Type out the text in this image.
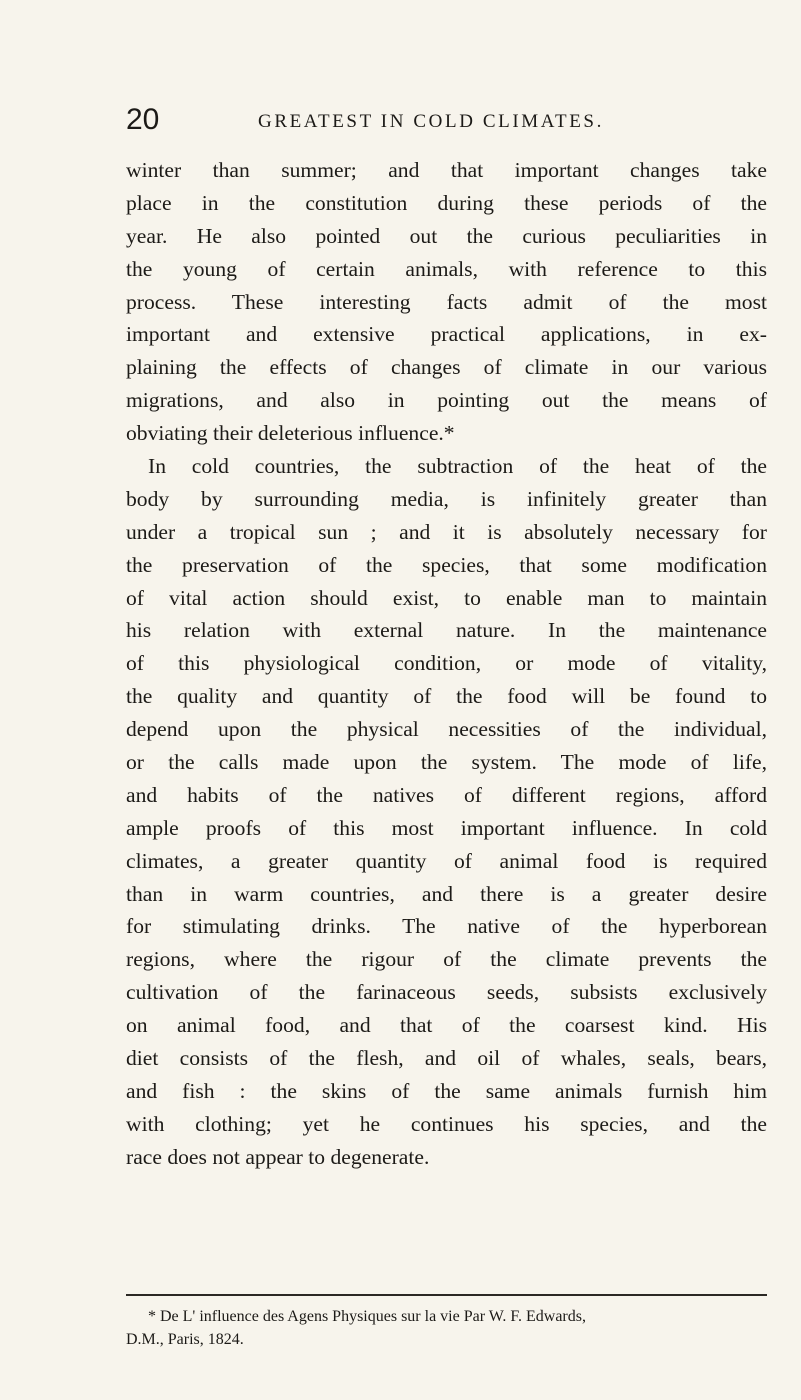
20	GREATEST IN COLD CLIMATES.
winter than summer; and that important changes take
place in the constitution during these periods of the
year. He also pointed out the curious peculiarities in
the young of certain animals, with reference to this
process. These interesting facts admit of the most
important and extensive practical applications, in ex-
plaining the effects of changes of climate in our various
migrations, and also in pointing out the means of
obviating their deleterious influence.*
In cold countries, the subtraction of the heat of the
body by surrounding media, is infinitely greater than
under a tropical sun ; and it is absolutely necessary for
the preservation of the species, that some modification
of vital action should exist, to enable man to maintain
his relation with external nature. In the maintenance
of this physiological condition, or mode of vitality,
the quality and quantity of the food will be found to
depend upon the physical necessities of the individual,
or the calls made upon the system. The mode of life,
and habits of the natives of different regions, afford
ample proofs of this most important influence. In cold
climates, a greater quantity of animal food is required
than in warm countries, and there is a greater desire
for stimulating drinks. The native of the hyperborean
regions, where the rigour of the climate prevents the
cultivation of the farinaceous seeds, subsists exclusively
on animal food, and that of the coarsest kind. His
diet consists of the flesh, and oil of whales, seals, bears,
and fish : the skins of the same animals furnish him
with clothing; yet he continues his species, and the
race does not appear to degenerate.
* De L' influence des Agens Physiques sur la vie Par W. F. Edwards,
D.M., Paris, 1824.
